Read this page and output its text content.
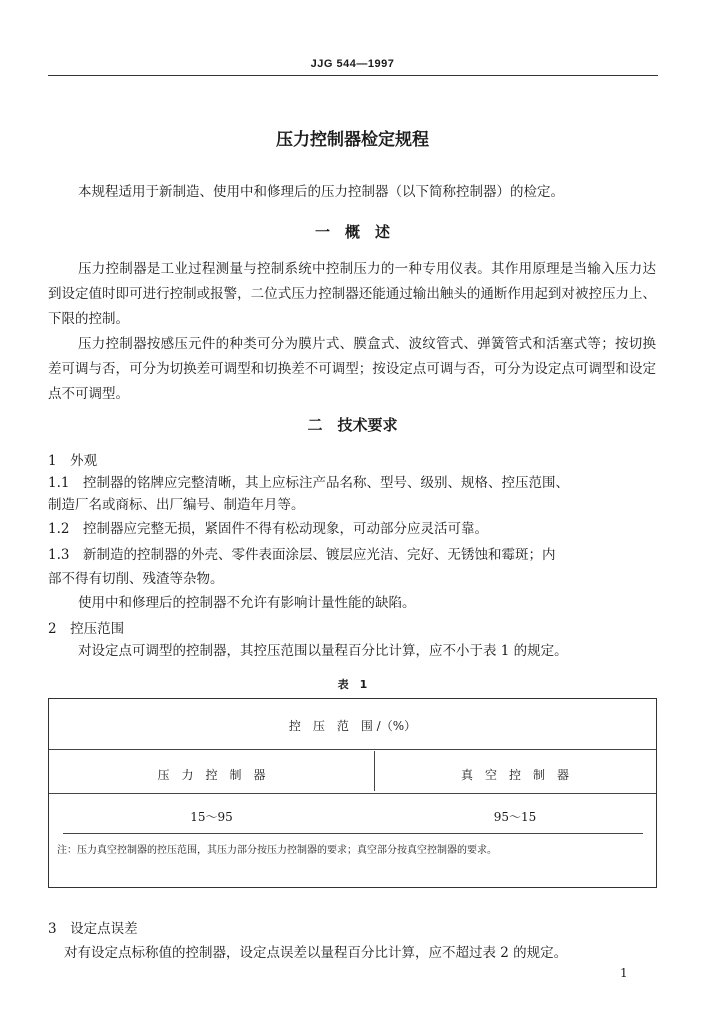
JJG 544—1997
压力控制器检定规程

本规程适用于新制造、使用中和修理后的压力控制器（以下简称控制器）的检定。

一　概　述

压力控制器是工业过程测量与控制系统中控制压力的一种专用仪表。其作用原理是当输入压力达到设定值时即可进行控制或报警，二位式压力控制器还能通过输出触头的通断作用起到对被控压力上、下限的控制。

压力控制器按感压元件的种类可分为膜片式、膜盒式、波纹管式、弹簧管式和活塞式等；按切换差可调与否，可分为切换差可调型和切换差不可调型；按设定点可调与否，可分为设定点可调型和设定点不可调型。

二　技术要求
1　外观
1.1　控制器的铭牌应完整清晰，其上应标注产品名称、型号、级别、规格、控压范围、
制造厂名或商标、出厂编号、制造年月等。
1.2　控制器应完整无损，紧固件不得有松动现象，可动部分应灵活可靠。
1.3　新制造的控制器的外壳、零件表面涂层、镀层应光洁、完好、无锈蚀和霉斑；内
部不得有切削、残渣等杂物。
使用中和修理后的控制器不允许有影响计量性能的缺陷。
2　控压范围
对设定点可调型的控制器，其控压范围以量程百分比计算，应不小于表 1 的规定。
表　1
控　压　范　围 /（%）
压　力　控　制　器	真　空　控　制　器
15～95	95～15
注：压力真空控制器的控压范围，其压力部分按压力控制器的要求；真空部分按真空控制器的要求。
3　设定点误差
对有设定点标称值的控制器，设定点误差以量程百分比计算，应不超过表 2 的规定。
1
